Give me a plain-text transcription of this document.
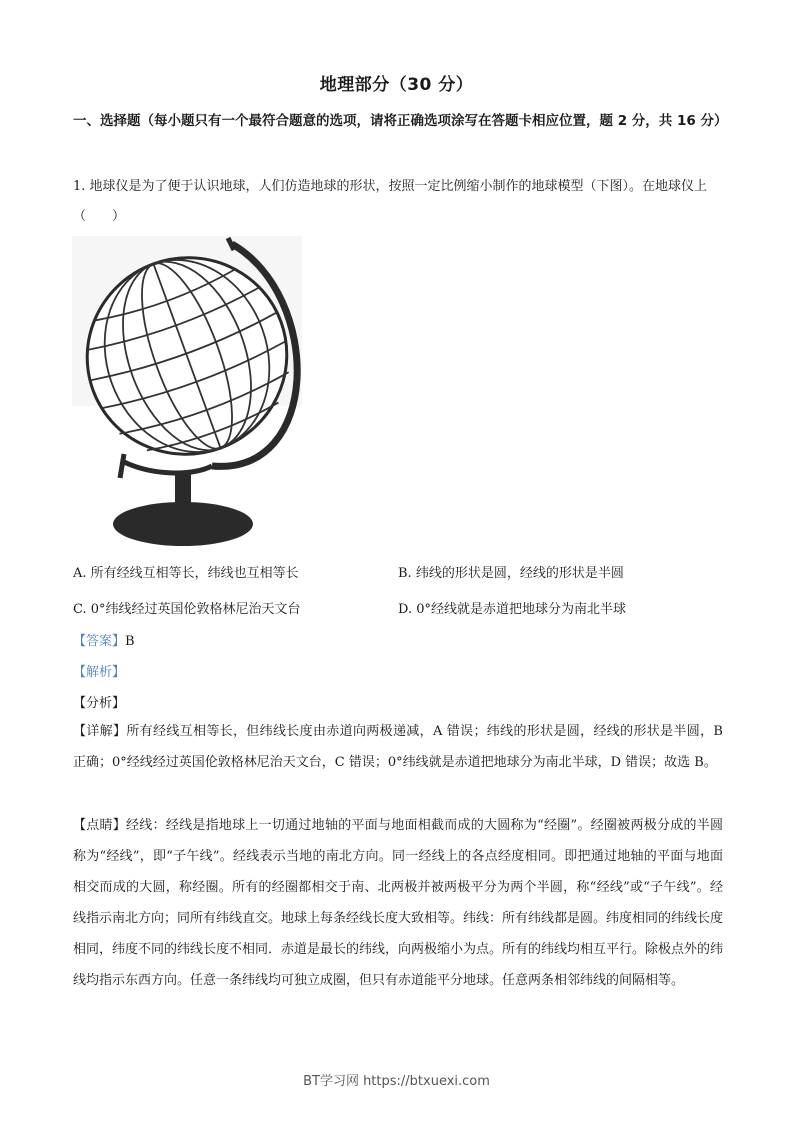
地理部分（30 分）
一、选择题（每小题只有一个最符合题意的选项，请将正确选项涂写在答题卡相应位置，题 2 分，共 16 分）
1. 地球仪是为了便于认识地球，人们仿造地球的形状，按照一定比例缩小制作的地球模型（下图）。在地球仪上（　　）
A. 所有经线互相等长，纬线也互相等长	B. 纬线的形状是圆，经线的形状是半圆
C. 0°纬线经过英国伦敦格林尼治天文台	D. 0°经线就是赤道把地球分为南北半球
【答案】B
【解析】
【分析】
【详解】所有经线互相等长，但纬线长度由赤道向两极递减，A 错误；纬线的形状是圆，经线的形状是半圆，B 正确；0°经线经过英国伦敦格林尼治天文台，C 错误；0°纬线就是赤道把地球分为南北半球，D 错误；故选 B。
【点睛】经线：经线是指地球上一切通过地轴的平面与地面相截而成的大圆称为“经圈”。经圈被两极分成的半圆称为“经线”，即“子午线”。经线表示当地的南北方向。同一经线上的各点经度相同。即把通过地轴的平面与地面相交而成的大圆，称经圈。所有的经圈都相交于南、北两极并被两极平分为两个半圆，称“经线”或“子午线”。经线指示南北方向；同所有纬线直交。地球上每条经线长度大致相等。纬线：所有纬线都是圆。纬度相同的纬线长度相同，纬度不同的纬线长度不相同．赤道是最长的纬线，向两极缩小为点。所有的纬线均相互平行。除极点外的纬线均指示东西方向。任意一条纬线均可独立成圈，但只有赤道能平分地球。任意两条相邻纬线的间隔相等。
BT学习网 https://btxuexi.com
